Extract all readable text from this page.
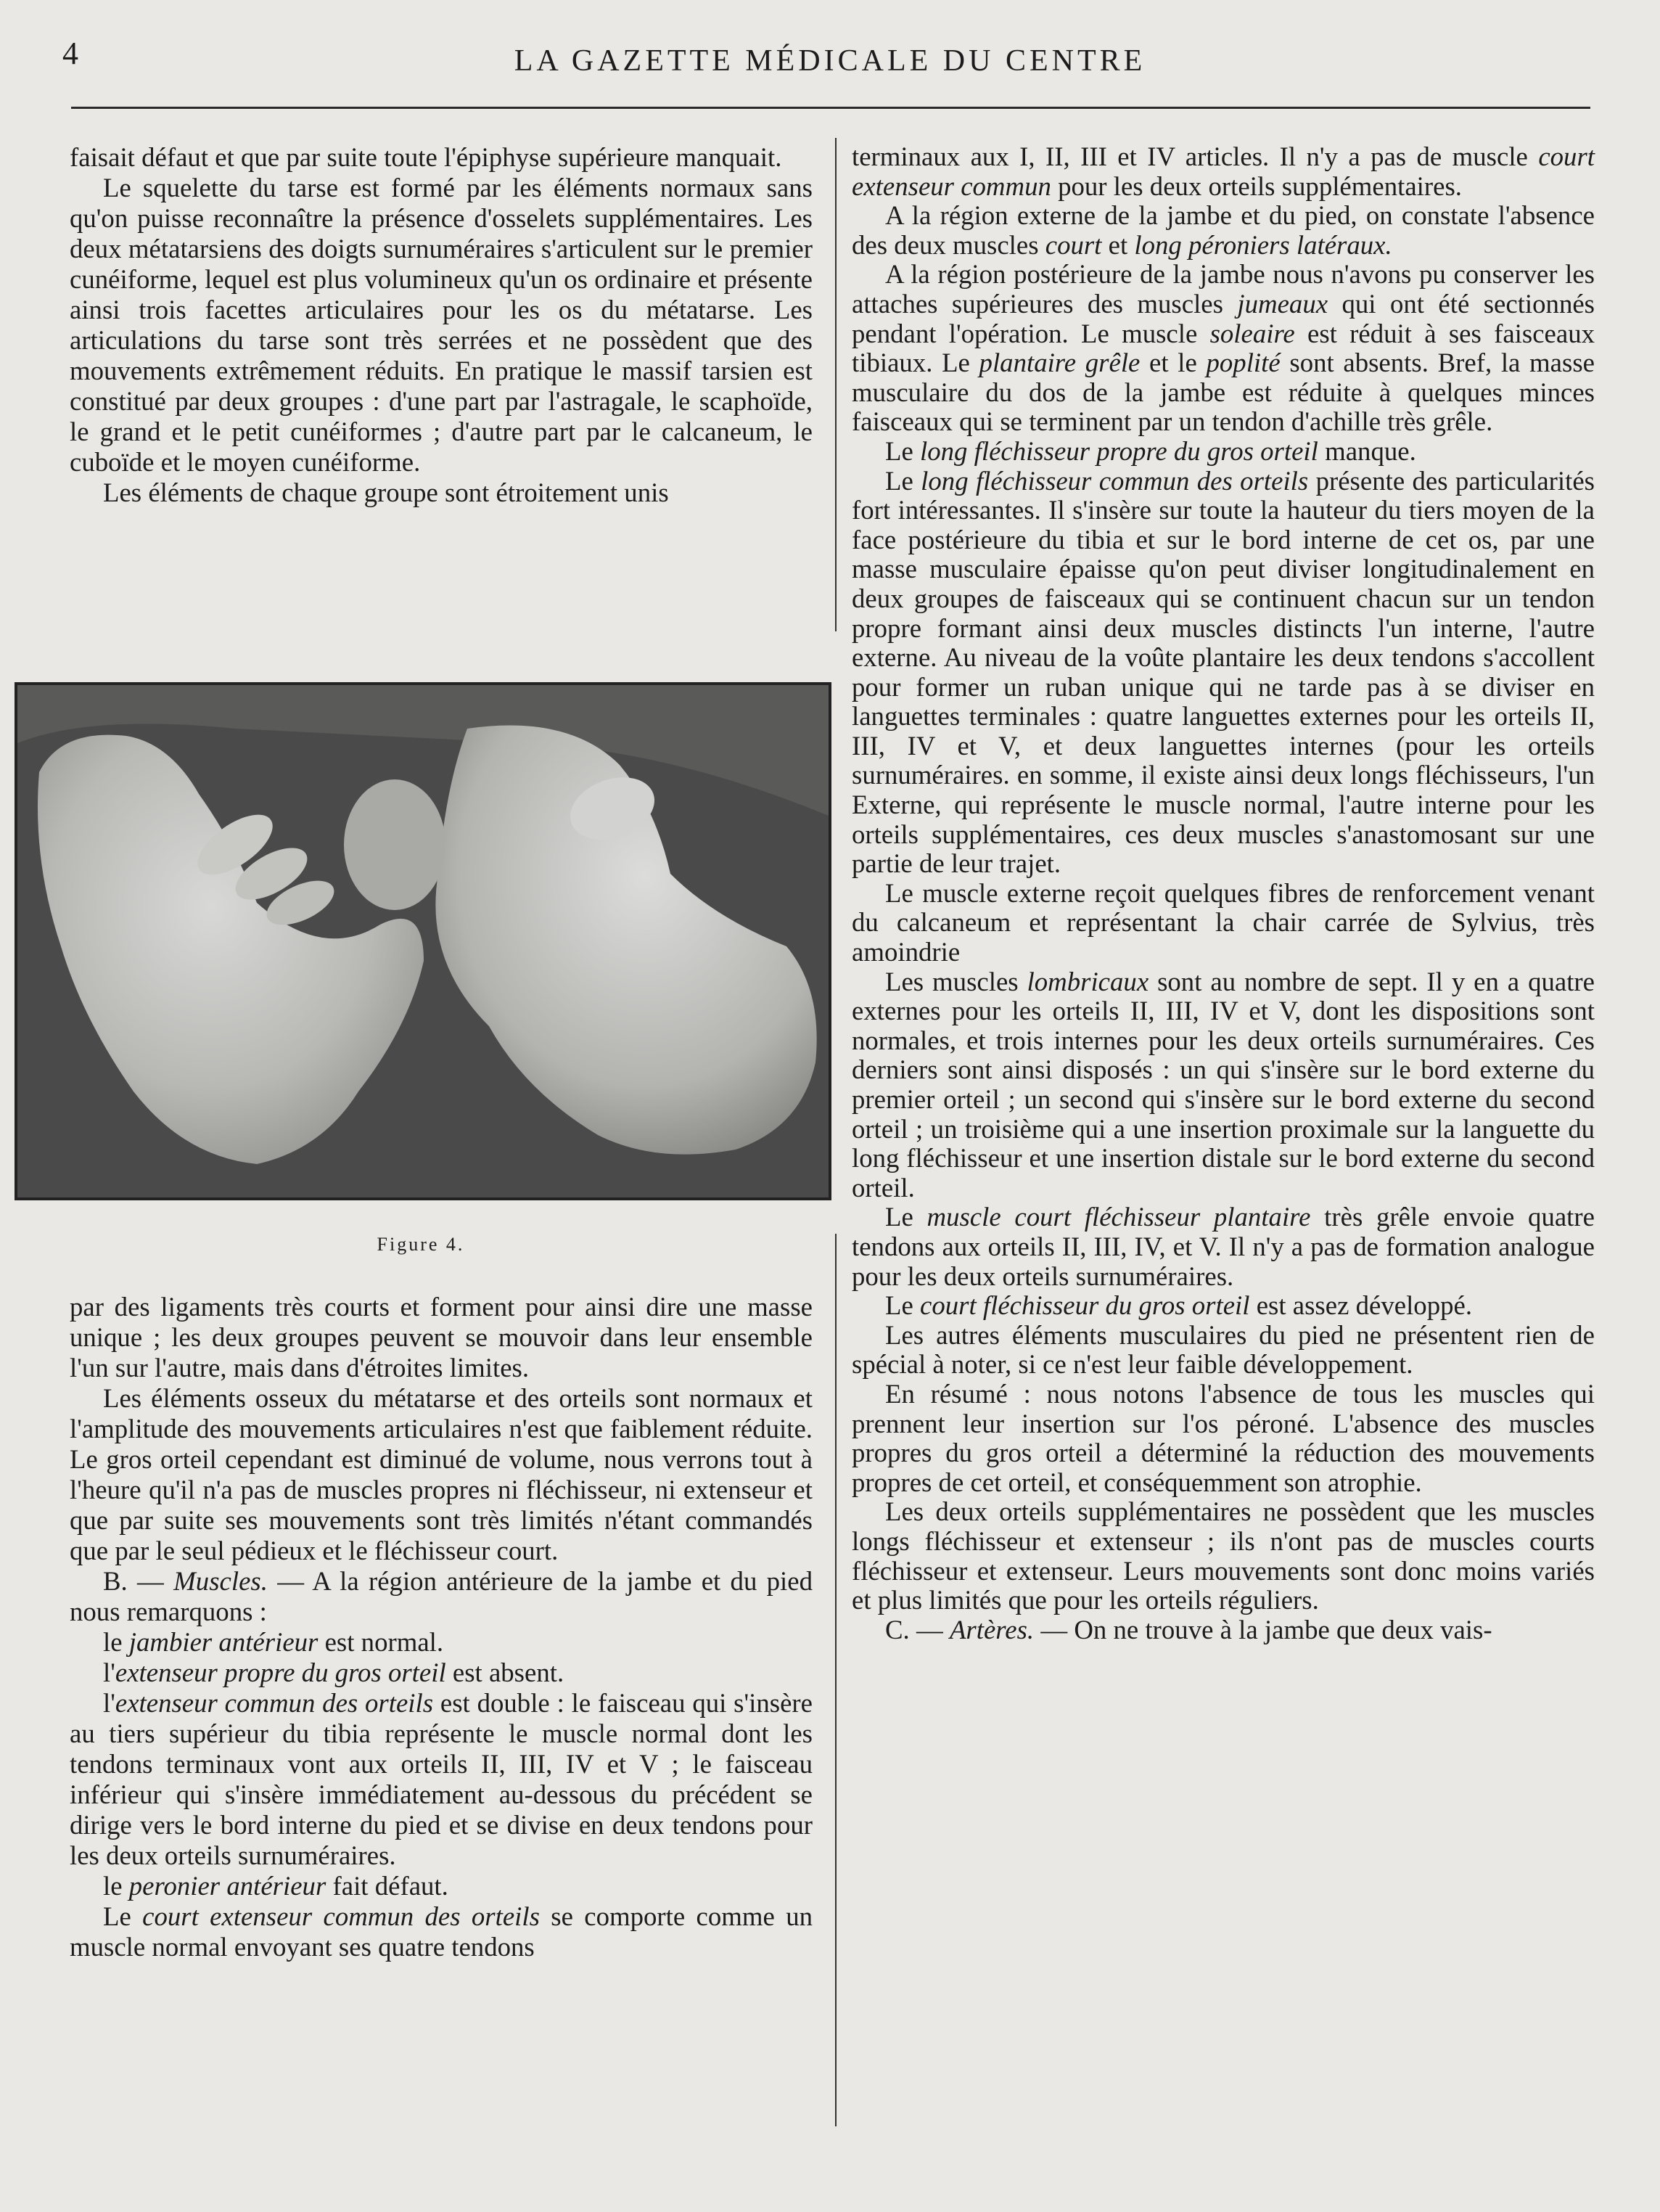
4	LA GAZETTE MÉDICALE DU CENTRE

faisait défaut et que par suite toute l'épiphyse supérieure manquait.

Le squelette du tarse est formé par les éléments normaux sans qu'on puisse reconnaître la présence d'osselets supplémentaires. Les deux métatarsiens des doigts surnuméraires s'articulent sur le premier cunéiforme, lequel est plus volumineux qu'un os ordinaire et présente ainsi trois facettes articulaires pour les os du métatarse. Les articulations du tarse sont très serrées et ne possèdent que des mouvements extrêmement réduits. En pratique le massif tarsien est constitué par deux groupes : d'une part par l'astragale, le scaphoïde, le grand et le petit cunéiformes ; d'autre part par le calcaneum, le cuboïde et le moyen cunéiforme.

Les éléments de chaque groupe sont étroitement unis

Figure 4.

par des ligaments très courts et forment pour ainsi dire une masse unique ; les deux groupes peuvent se mouvoir dans leur ensemble l'un sur l'autre, mais dans d'étroites limites.

Les éléments osseux du métatarse et des orteils sont normaux et l'amplitude des mouvements articulaires n'est que faiblement réduite. Le gros orteil cependant est diminué de volume, nous verrons tout à l'heure qu'il n'a pas de muscles propres ni fléchisseur, ni extenseur et que par suite ses mouvements sont très limités n'étant commandés que par le seul pédieux et le fléchisseur court.

B. — Muscles. — A la région antérieure de la jambe et du pied nous remarquons :

le jambier antérieur est normal.

l'extenseur propre du gros orteil est absent.

l'extenseur commun des orteils est double : le faisceau qui s'insère au tiers supérieur du tibia représente le muscle normal dont les tendons terminaux vont aux orteils II, III, IV et V ; le faisceau inférieur qui s'insère immédiatement au-dessous du précédent se dirige vers le bord interne du pied et se divise en deux tendons pour les deux orteils surnuméraires.

le peronier antérieur fait défaut.

Le court extenseur commun des orteils se comporte comme un muscle normal envoyant ses quatre tendons

terminaux aux I, II, III et IV articles. Il n'y a pas de muscle court extenseur commun pour les deux orteils supplémentaires.

A la région externe de la jambe et du pied, on constate l'absence des deux muscles court et long péroniers latéraux.

A la région postérieure de la jambe nous n'avons pu conserver les attaches supérieures des muscles jumeaux qui ont été sectionnés pendant l'opération. Le muscle soleaire est réduit à ses faisceaux tibiaux. Le plantaire grêle et le poplité sont absents. Bref, la masse musculaire du dos de la jambe est réduite à quelques minces faisceaux qui se terminent par un tendon d'achille très grêle.

Le long fléchisseur propre du gros orteil manque.

Le long fléchisseur commun des orteils présente des particularités fort intéressantes. Il s'insère sur toute la hauteur du tiers moyen de la face postérieure du tibia et sur le bord interne de cet os, par une masse musculaire épaisse qu'on peut diviser longitudinalement en deux groupes de faisceaux qui se continuent chacun sur un tendon propre formant ainsi deux muscles distincts l'un interne, l'autre externe. Au niveau de la voûte plantaire les deux tendons s'accollent pour former un ruban unique qui ne tarde pas à se diviser en languettes terminales : quatre languettes externes pour les orteils II, III, IV et V, et deux languettes internes (pour les orteils surnuméraires. en somme, il existe ainsi deux longs fléchisseurs, l'un Externe, qui représente le muscle normal, l'autre interne pour les orteils supplémentaires, ces deux muscles s'anastomosant sur une partie de leur trajet.

Le muscle externe reçoit quelques fibres de renforcement venant du calcaneum et représentant la chair carrée de Sylvius, très amoindrie

Les muscles lombricaux sont au nombre de sept. Il y en a quatre externes pour les orteils II, III, IV et V, dont les dispositions sont normales, et trois internes pour les deux orteils surnuméraires. Ces derniers sont ainsi disposés : un qui s'insère sur le bord externe du premier orteil ; un second qui s'insère sur le bord externe du second orteil ; un troisième qui a une insertion proximale sur la languette du long fléchisseur et une insertion distale sur le bord externe du second orteil.

Le muscle court fléchisseur plantaire très grêle envoie quatre tendons aux orteils II, III, IV, et V. Il n'y a pas de formation analogue pour les deux orteils surnuméraires.

Le court fléchisseur du gros orteil est assez développé.

Les autres éléments musculaires du pied ne présentent rien de spécial à noter, si ce n'est leur faible développement.

En résumé : nous notons l'absence de tous les muscles qui prennent leur insertion sur l'os péroné. L'absence des muscles propres du gros orteil a déterminé la réduction des mouvements propres de cet orteil, et conséquemment son atrophie.

Les deux orteils supplémentaires ne possèdent que les muscles longs fléchisseur et extenseur ; ils n'ont pas de muscles courts fléchisseur et extenseur. Leurs mouvements sont donc moins variés et plus limités que pour les orteils réguliers.

C. — Artères. — On ne trouve à la jambe que deux vais-
